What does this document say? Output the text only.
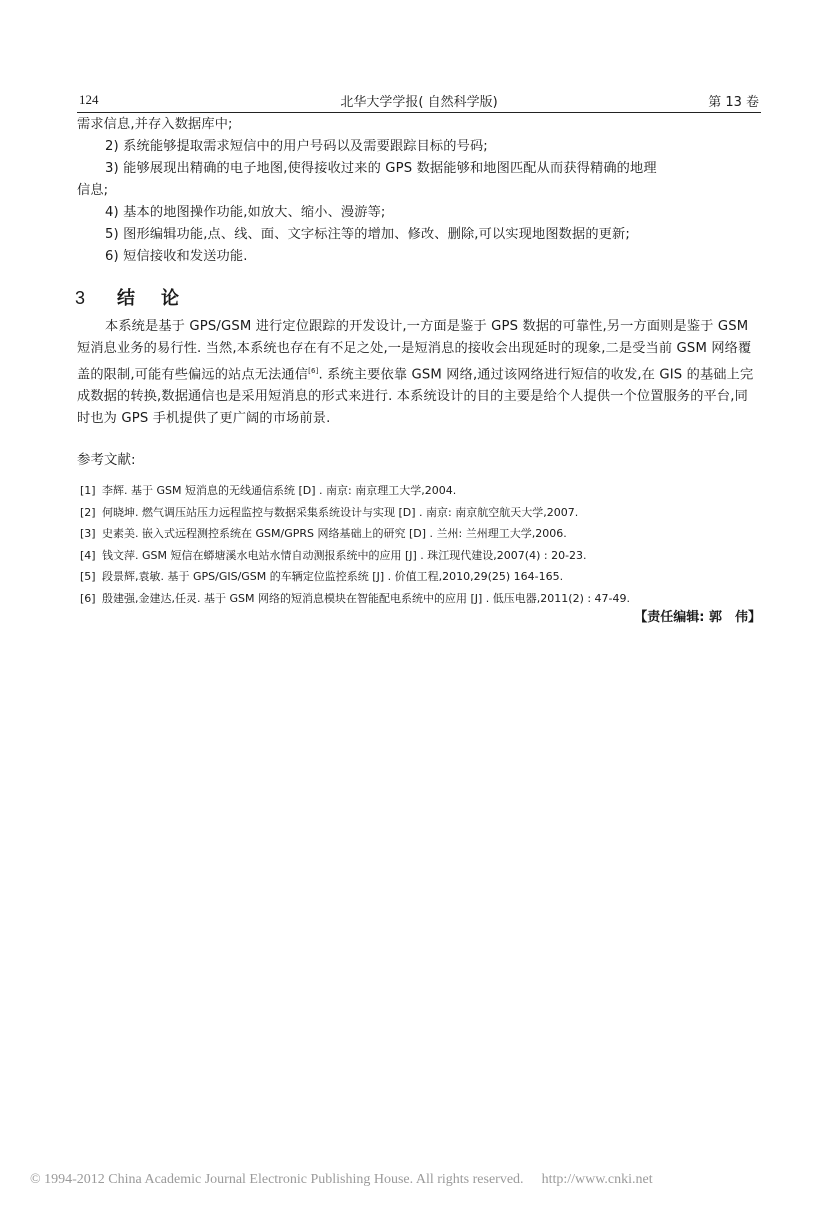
124	北华大学学报( 自然科学版)	第 13 卷

需求信息,并存入数据库中;

2) 系统能够提取需求短信中的用户号码以及需要跟踪目标的号码;

3) 能够展现出精确的电子地图,使得接收过来的 GPS 数据能够和地图匹配从而获得精确的地理

信息;

4) 基本的地图操作功能,如放大、缩小、漫游等;

5) 图形编辑功能,点、线、面、文字标注等的增加、修改、删除,可以实现地图数据的更新;

6) 短信接收和发送功能.

3 结 论

本系统是基于 GPS/GSM 进行定位跟踪的开发设计,一方面是鉴于 GPS 数据的可靠性,另一方面则是鉴于 GSM 短消息业务的易行性. 当然,本系统也存在有不足之处,一是短消息的接收会出现延时的现象,二是受当前 GSM 网络覆盖的限制,可能有些偏远的站点无法通信[6]. 系统主要依靠 GSM 网络,通过该网络进行短信的收发,在 GIS 的基础上完成数据的转换,数据通信也是采用短消息的形式来进行. 本系统设计的目的主要是给个人提供一个位置服务的平台,同时也为 GPS 手机提供了更广阔的市场前景.

参考文献:
[1] 李辉. 基于 GSM 短消息的无线通信系统 [D] . 南京: 南京理工大学,2004.
[2] 何晓坤. 燃气调压站压力远程监控与数据采集系统设计与实现 [D] . 南京: 南京航空航天大学,2007.
[3] 史素美. 嵌入式远程测控系统在 GSM/GPRS 网络基础上的研究 [D] . 兰州: 兰州理工大学,2006.
[4] 钱文萍. GSM 短信在蟒塘溪水电站水情自动测报系统中的应用 [J] . 珠江现代建设,2007(4) : 20-23.
[5] 段景辉,袁敏. 基于 GPS/GIS/GSM 的车辆定位监控系统 [J] . 价值工程,2010,29(25) 164-165.
[6] 殷建强,金建达,任灵. 基于 GSM 网络的短消息模块在智能配电系统中的应用 [J] . 低压电器,2011(2) : 47-49.
【责任编辑: 郭　伟】
© 1994-2012 China Academic Journal Electronic Publishing House. All rights reserved. http://www.cnki.net
